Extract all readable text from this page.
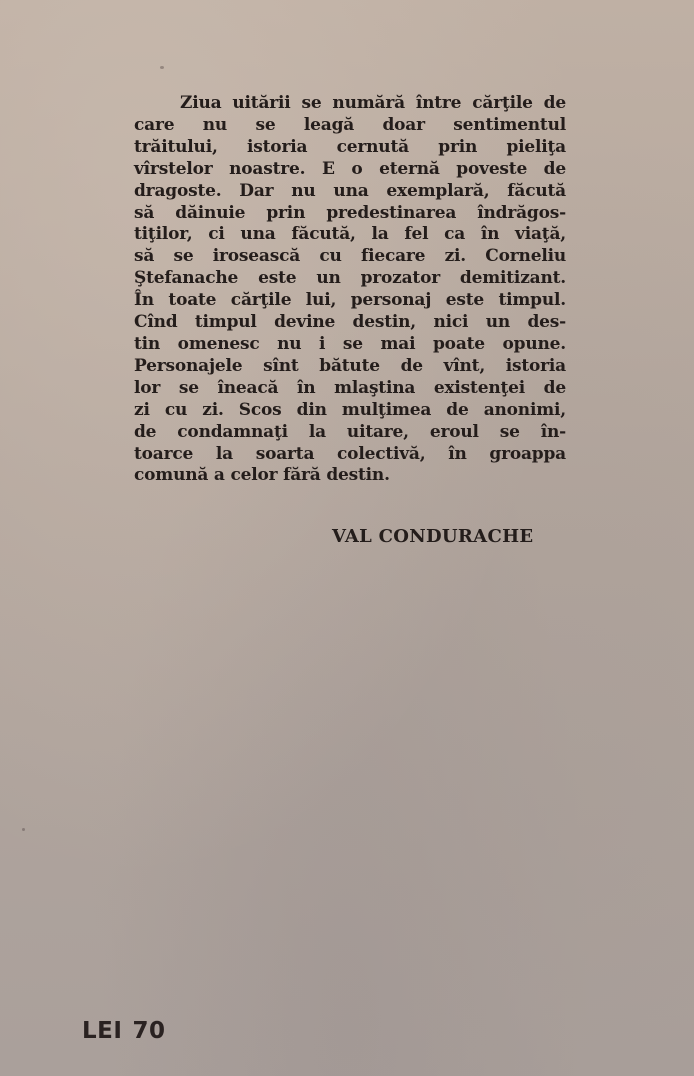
Ziua uitării se numără între cărţile de
care nu se leagă doar sentimentul
trăitului, istoria cernută prin pieliţa
vîrstelor noastre. E o eternă poveste de
dragoste. Dar nu una exemplară, făcută
să dăinuie prin predestinarea îndrăgos-
tiţilor, ci una făcută, la fel ca în viaţă,
să se irosească cu fiecare zi. Corneliu
Ştefanache este un prozator demitizant.
În toate cărţile lui, personaj este timpul.
Cînd timpul devine destin, nici un des-
tin omenesc nu i se mai poate opune.
Personajele sînt bătute de vînt, istoria
lor se îneacă în mlaştina existenţei de
zi cu zi. Scos din mulţimea de anonimi,
de condamnaţi la uitare, eroul se în-
toarce la soarta colectivă, în groappa
comună a celor fără destin.

VAL CONDURACHE

LEI 70
